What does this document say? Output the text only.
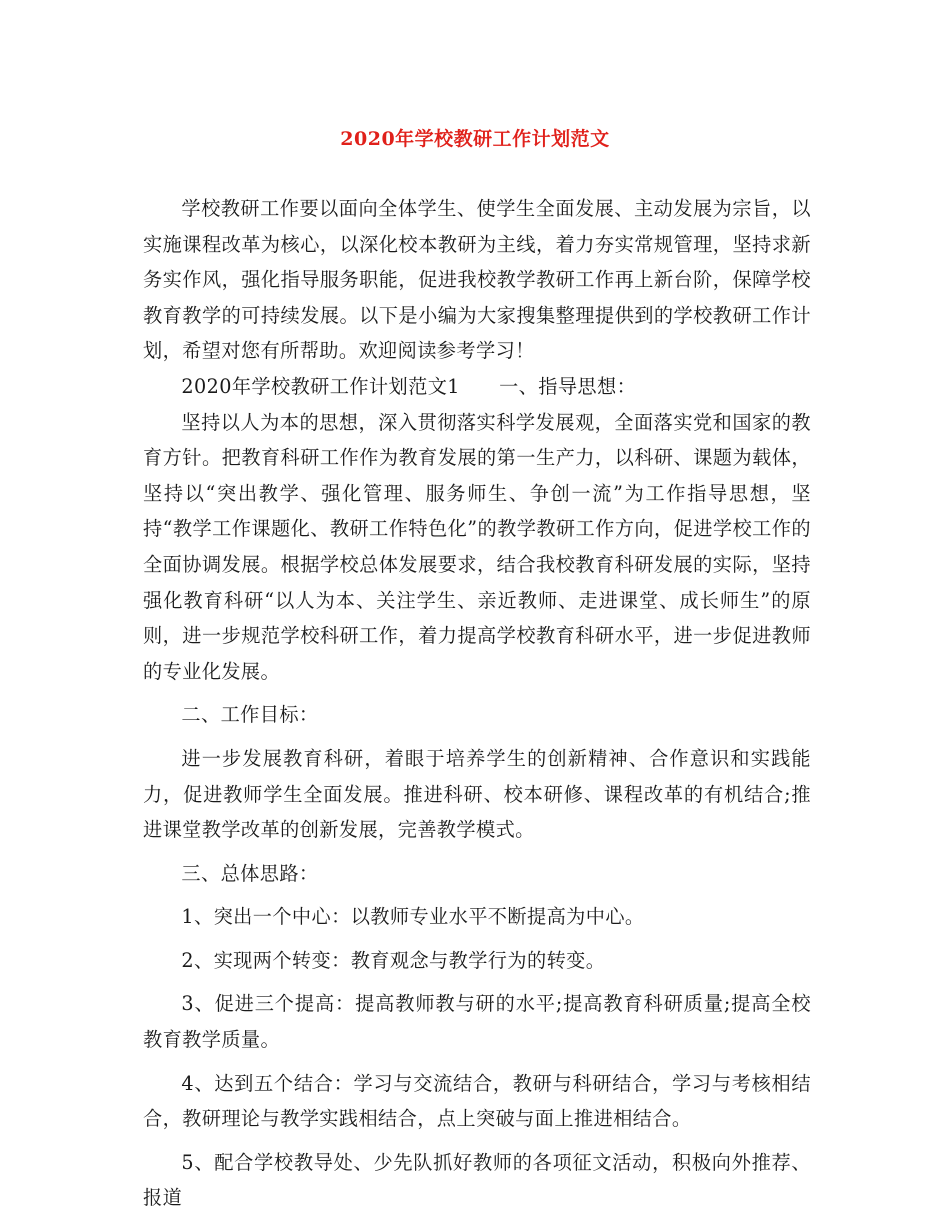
2020年学校教研工作计划范文

学校教研工作要以面向全体学生、使学生全面发展、主动发展为宗旨，以实施课程改革为核心，以深化校本教研为主线，着力夯实常规管理，坚持求新务实作风，强化指导服务职能，促进我校教学教研工作再上新台阶，保障学校教育教学的可持续发展。以下是小编为大家搜集整理提供到的学校教研工作计划，希望对您有所帮助。欢迎阅读参考学习！

2020年学校教研工作计划范文1　　一、指导思想：

坚持以人为本的思想，深入贯彻落实科学发展观，全面落实党和国家的教育方针。把教育科研工作作为教育发展的第一生产力，以科研、课题为载体，坚持以“突出教学、强化管理、服务师生、争创一流”为工作指导思想，坚持“教学工作课题化、教研工作特色化”的教学教研工作方向，促进学校工作的全面协调发展。根据学校总体发展要求，结合我校教育科研发展的实际，坚持强化教育科研“以人为本、关注学生、亲近教师、走进课堂、成长师生”的原则，进一步规范学校科研工作，着力提高学校教育科研水平，进一步促进教师的专业化发展。

二、工作目标：

进一步发展教育科研，着眼于培养学生的创新精神、合作意识和实践能力，促进教师学生全面发展。推进科研、校本研修、课程改革的有机结合;推进课堂教学改革的创新发展，完善教学模式。

三、总体思路：

1、突出一个中心：以教师专业水平不断提高为中心。

2、实现两个转变：教育观念与教学行为的转变。

3、促进三个提高：提高教师教与研的水平;提高教育科研质量;提高全校教育教学质量。

4、达到五个结合：学习与交流结合，教研与科研结合，学习与考核相结合，教研理论与教学实践相结合，点上突破与面上推进相结合。

5、配合学校教导处、少先队抓好教师的各项征文活动，积极向外推荐、报道
